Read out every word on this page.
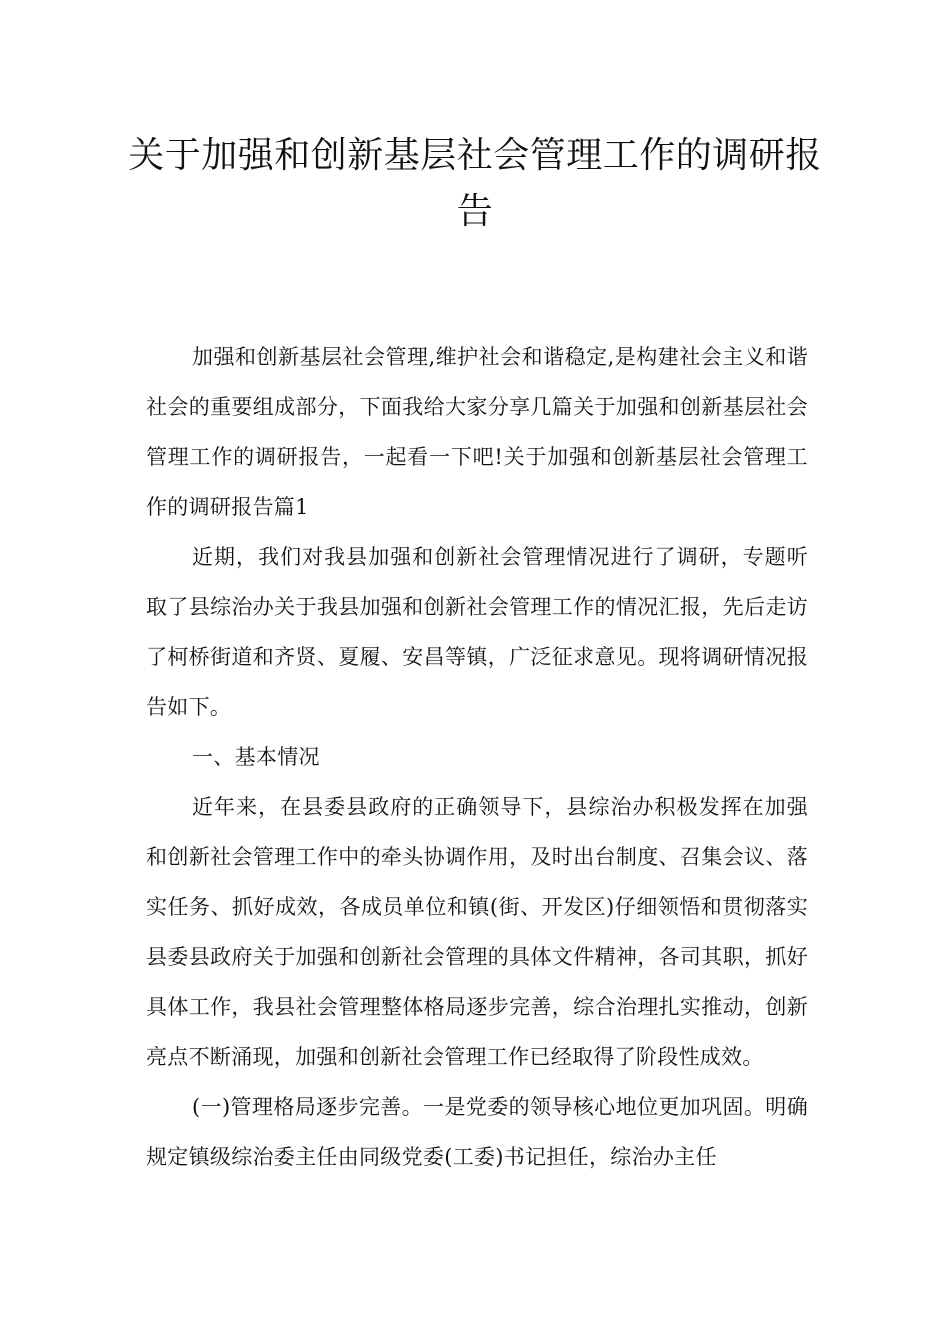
关于加强和创新基层社会管理工作的调研报告

加强和创新基层社会管理,维护社会和谐稳定,是构建社会主义和谐社会的重要组成部分，下面我给大家分享几篇关于加强和创新基层社会管理工作的调研报告，一起看一下吧!关于加强和创新基层社会管理工作的调研报告篇1

近期，我们对我县加强和创新社会管理情况进行了调研，专题听取了县综治办关于我县加强和创新社会管理工作的情况汇报，先后走访了柯桥街道和齐贤、夏履、安昌等镇，广泛征求意见。现将调研情况报告如下。

一、基本情况

近年来，在县委县政府的正确领导下，县综治办积极发挥在加强和创新社会管理工作中的牵头协调作用，及时出台制度、召集会议、落实任务、抓好成效，各成员单位和镇(街、开发区)仔细领悟和贯彻落实县委县政府关于加强和创新社会管理的具体文件精神，各司其职，抓好具体工作，我县社会管理整体格局逐步完善，综合治理扎实推动，创新亮点不断涌现，加强和创新社会管理工作已经取得了阶段性成效。

(一)管理格局逐步完善。一是党委的领导核心地位更加巩固。明确规定镇级综治委主任由同级党委(工委)书记担任，综治办主任
